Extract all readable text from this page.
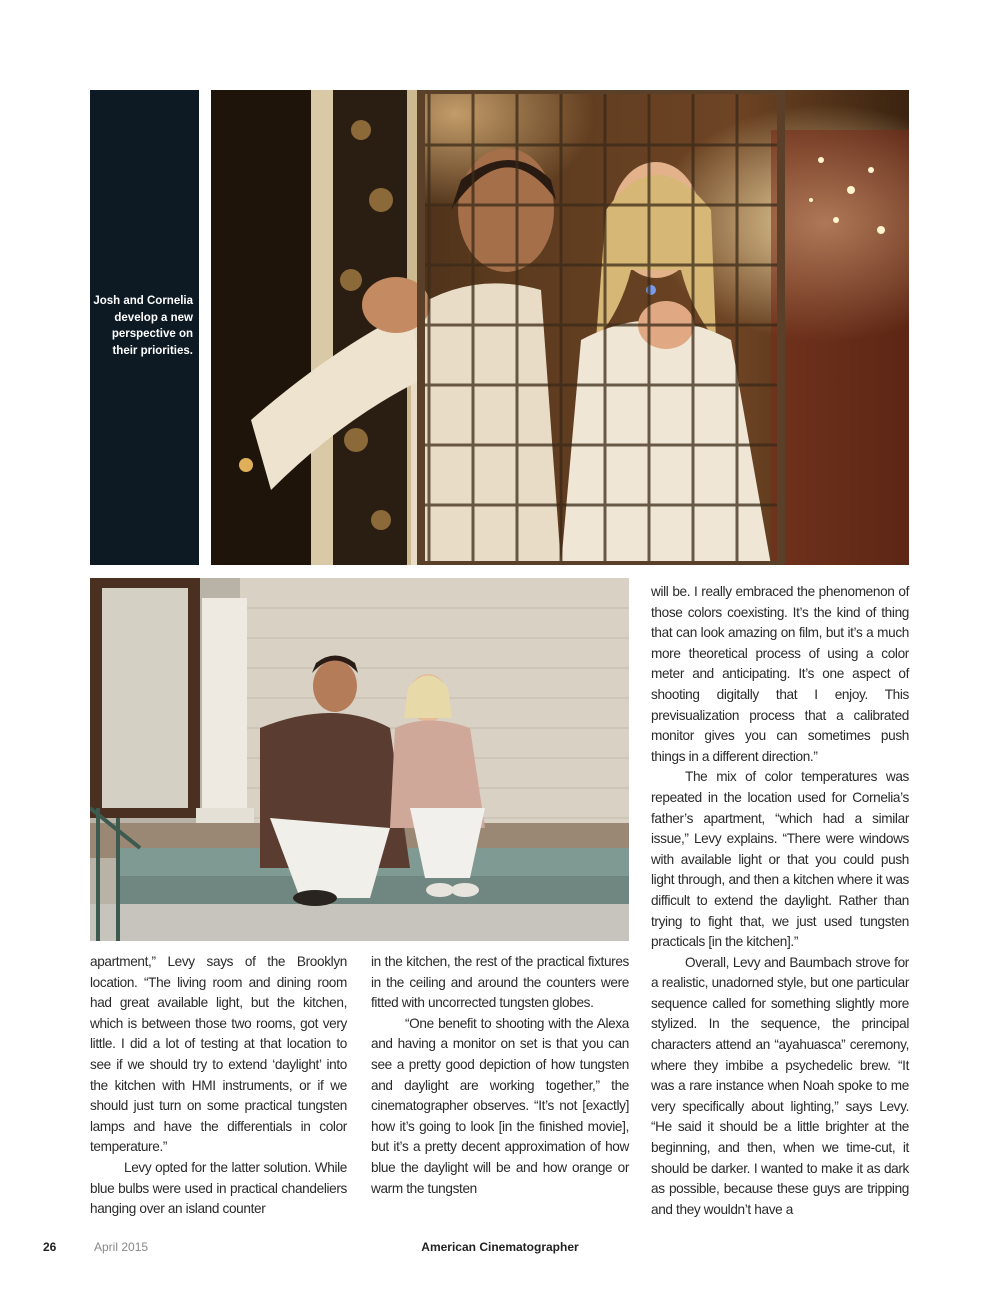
Josh and Cornelia
develop a new
perspective on
their priorities.

apartment,” Levy says of the Brooklyn location. “The living room and dining room had great available light, but the kitchen, which is between those two rooms, got very little. I did a lot of testing at that location to see if we should try to extend ‘daylight’ into the kitchen with HMI instruments, or if we should just turn on some practical tungsten lamps and have the differentials in color temperature.”

Levy opted for the latter solution. While blue bulbs were used in practical chandeliers hanging over an island counter

in the kitchen, the rest of the practical fixtures in the ceiling and around the counters were fitted with uncorrected tungsten globes.

“One benefit to shooting with the Alexa and having a monitor on set is that you can see a pretty good depiction of how tungsten and daylight are working together,” the cinematographer observes. “It’s not [exactly] how it’s going to look [in the finished movie], but it’s a pretty decent approximation of how blue the daylight will be and how orange or warm the tungsten

will be. I really embraced the phenomenon of those colors coexisting. It’s the kind of thing that can look amazing on film, but it’s a much more theoretical process of using a color meter and anticipating. It’s one aspect of shooting digitally that I enjoy. This previsualization process that a calibrated monitor gives you can sometimes push things in a different direction.”

The mix of color temperatures was repeated in the location used for Cornelia’s father’s apartment, “which had a similar issue,” Levy explains. “There were windows with available light or that you could push light through, and then a kitchen where it was difficult to extend the daylight. Rather than trying to fight that, we just used tungsten practicals [in the kitchen].”

Overall, Levy and Baumbach strove for a realistic, unadorned style, but one particular sequence called for something slightly more stylized. In the sequence, the principal characters attend an “ayahuasca” ceremony, where they imbibe a psychedelic brew. “It was a rare instance when Noah spoke to me very specifically about lighting,” says Levy. “He said it should be a little brighter at the beginning, and then, when we time-cut, it should be darker. I wanted to make it as dark as possible, because these guys are tripping and they wouldn’t have a

26	April 2015	American Cinematographer
